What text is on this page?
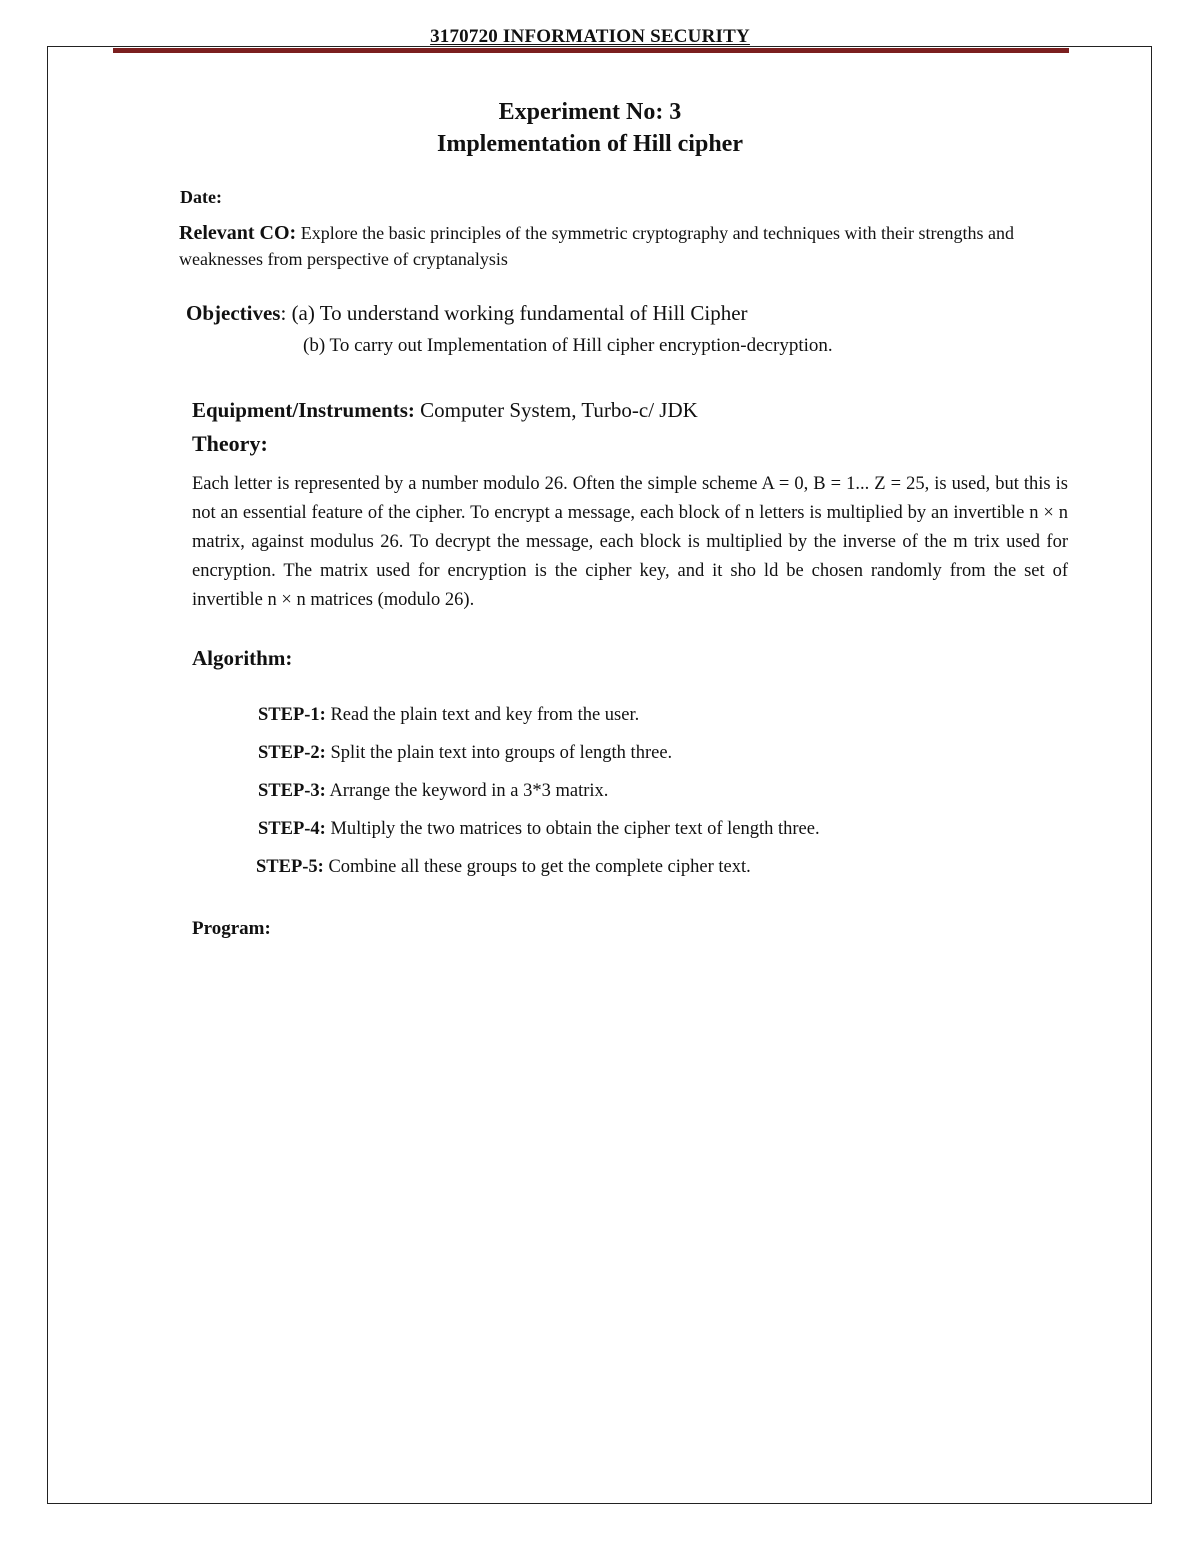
3170720 INFORMATION SECURITY
Experiment No: 3
Implementation of Hill cipher
Date:
Relevant CO: Explore the basic principles of the symmetric cryptography and techniques with their strengths and weaknesses from perspective of cryptanalysis
Objectives: (a) To understand working fundamental of Hill Cipher
(b) To carry out Implementation of Hill cipher encryption-decryption.
Equipment/Instruments: Computer System, Turbo-c/ JDK
Theory:
Each letter is represented by a number modulo 26. Often the simple scheme A = 0, B = 1... Z = 25, is used, but this is not an essential feature of the cipher. To encrypt a message, each block of n letters is multiplied by an invertible n × n matrix, against modulus 26. To decrypt the message, each block is multiplied by the inverse of the m trix used for encryption. The matrix used for encryption is the cipher key, and it sho ld be chosen randomly from the set of invertible n × n matrices (modulo 26).
Algorithm:
STEP-1: Read the plain text and key from the user.
STEP-2: Split the plain text into groups of length three.
STEP-3: Arrange the keyword in a 3*3 matrix.
STEP-4: Multiply the two matrices to obtain the cipher text of length three.
STEP-5: Combine all these groups to get the complete cipher text.
Program:
